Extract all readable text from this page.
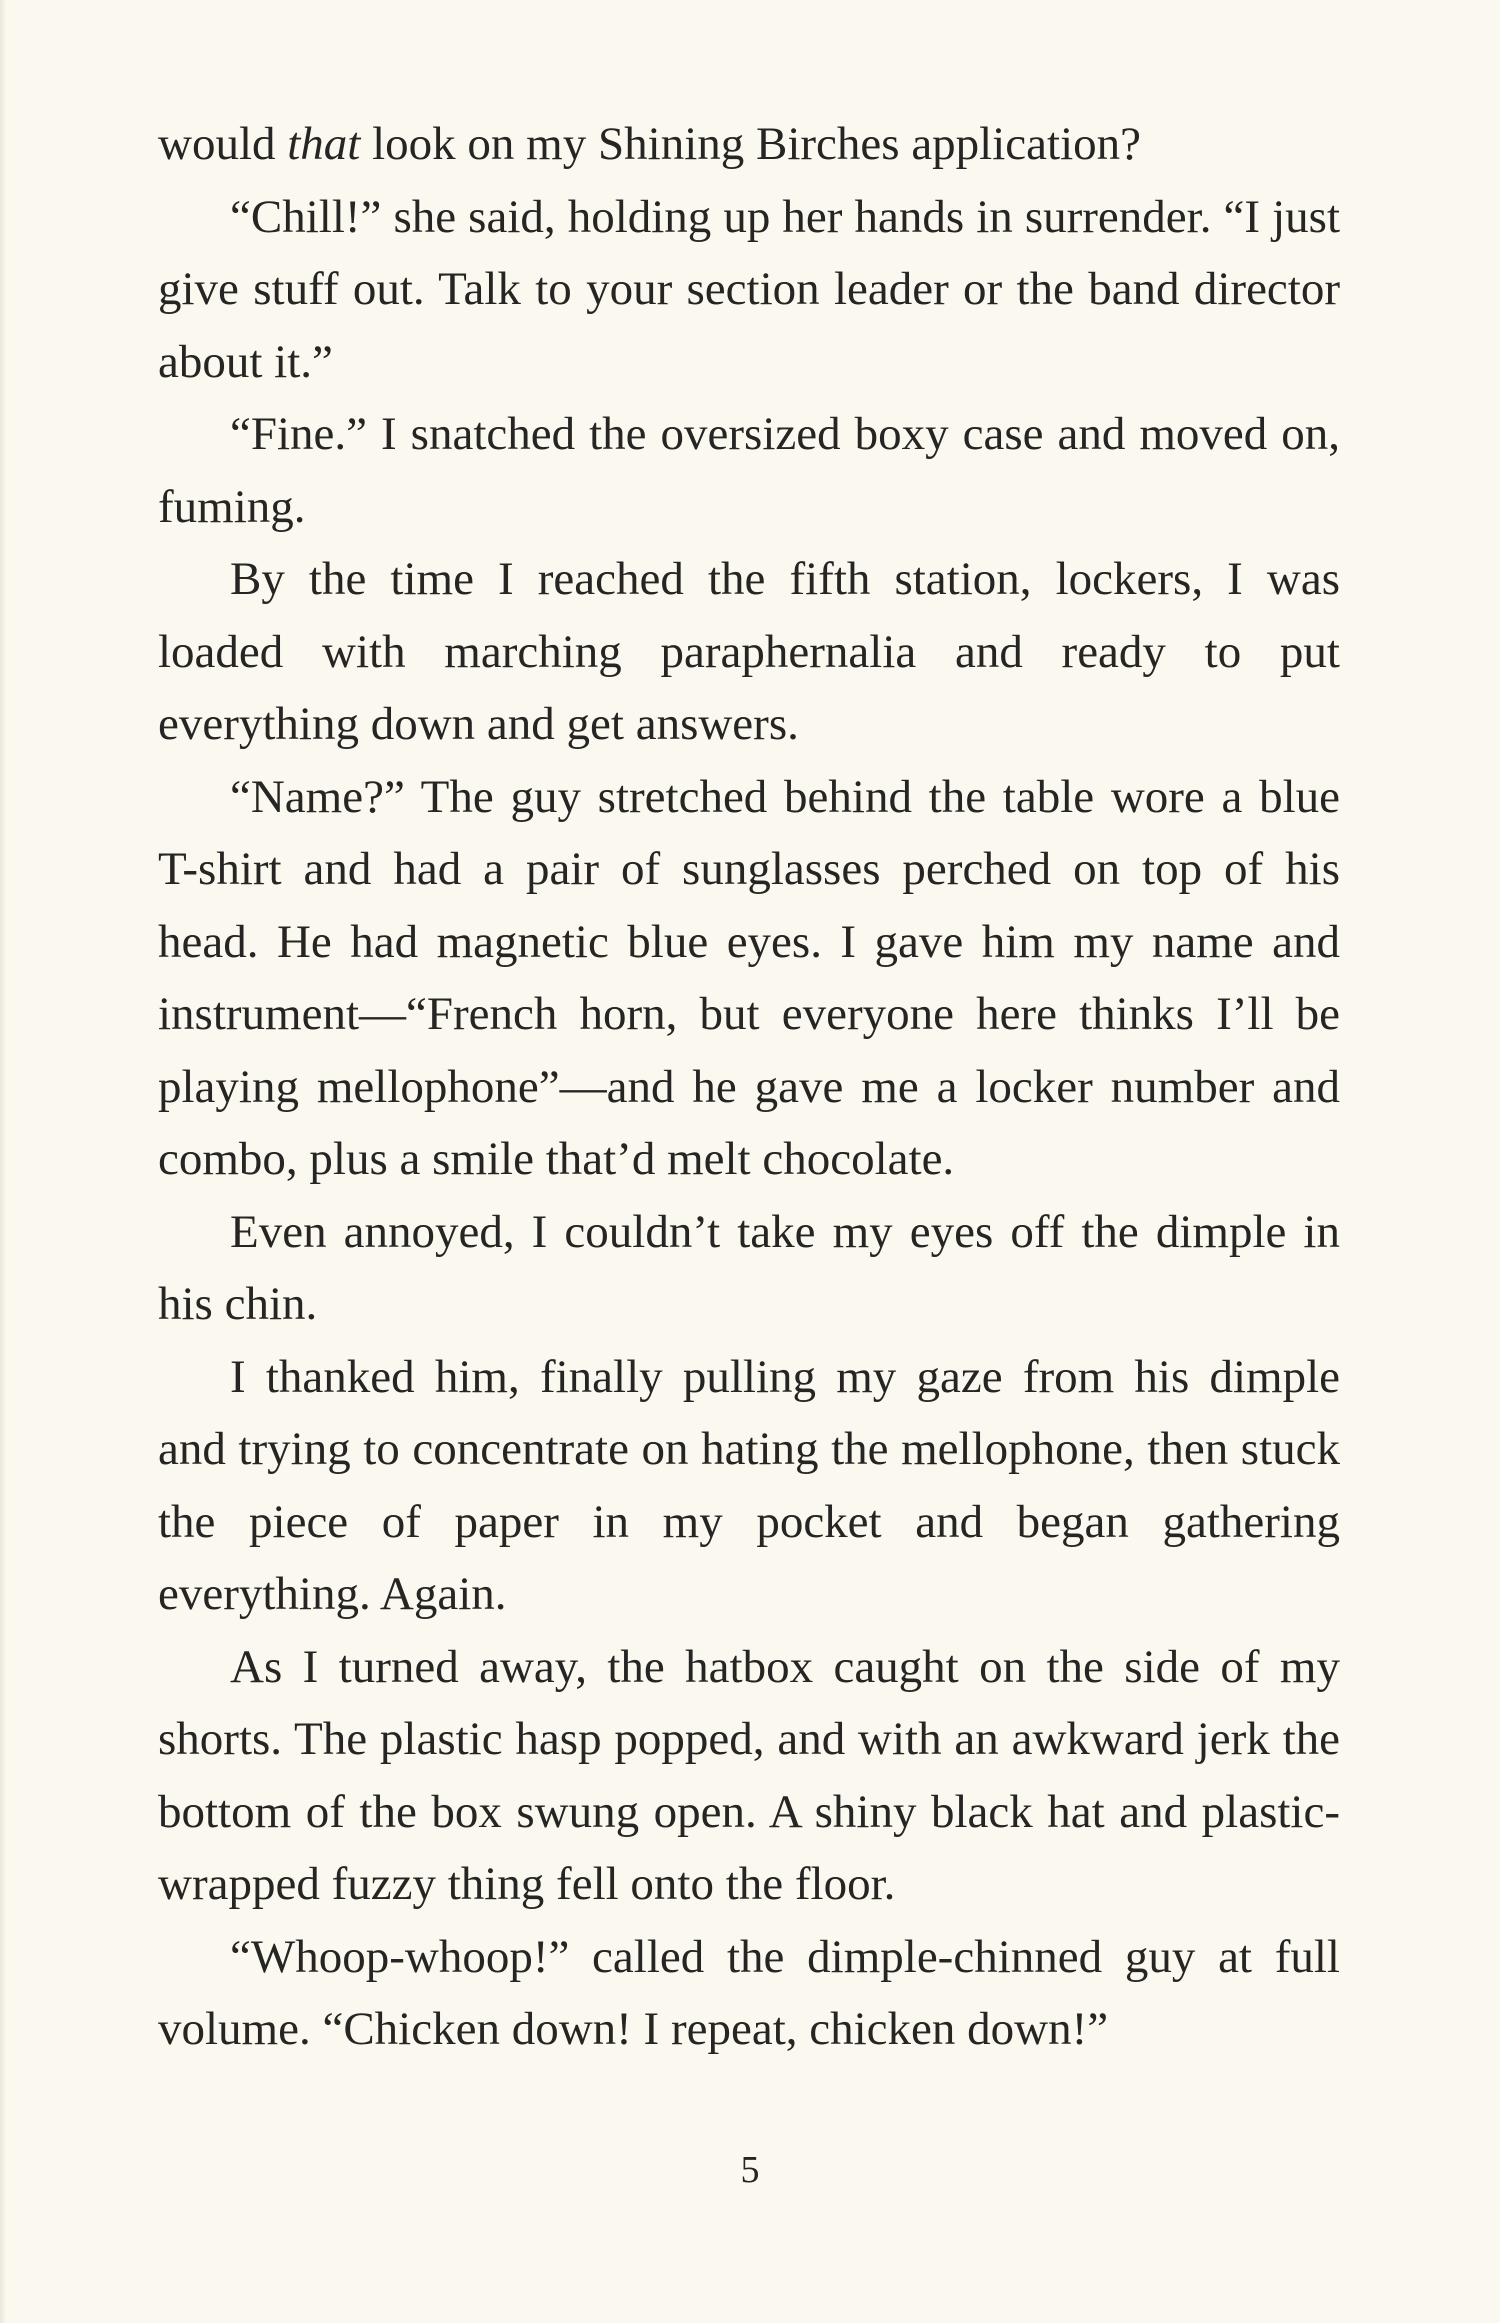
would that look on my Shining Birches application?

“Chill!” she said, holding up her hands in surrender. “I just give stuff out. Talk to your section leader or the band director about it.”

“Fine.” I snatched the oversized boxy case and moved on, fuming.

By the time I reached the fifth station, lockers, I was loaded with marching paraphernalia and ready to put everything down and get answers.

“Name?” The guy stretched behind the table wore a blue T-shirt and had a pair of sunglasses perched on top of his head. He had magnetic blue eyes. I gave him my name and instrument—“French horn, but everyone here thinks I’ll be playing mellophone”—and he gave me a locker number and combo, plus a smile that’d melt chocolate.

Even annoyed, I couldn’t take my eyes off the dimple in his chin.

I thanked him, finally pulling my gaze from his dimple and trying to concentrate on hating the mellophone, then stuck the piece of paper in my pocket and began gathering everything. Again.

As I turned away, the hatbox caught on the side of my shorts. The plastic hasp popped, and with an awkward jerk the bottom of the box swung open. A shiny black hat and plastic-wrapped fuzzy thing fell onto the floor.

“Whoop-whoop!” called the dimple-chinned guy at full volume. “Chicken down! I repeat, chicken down!”

5
